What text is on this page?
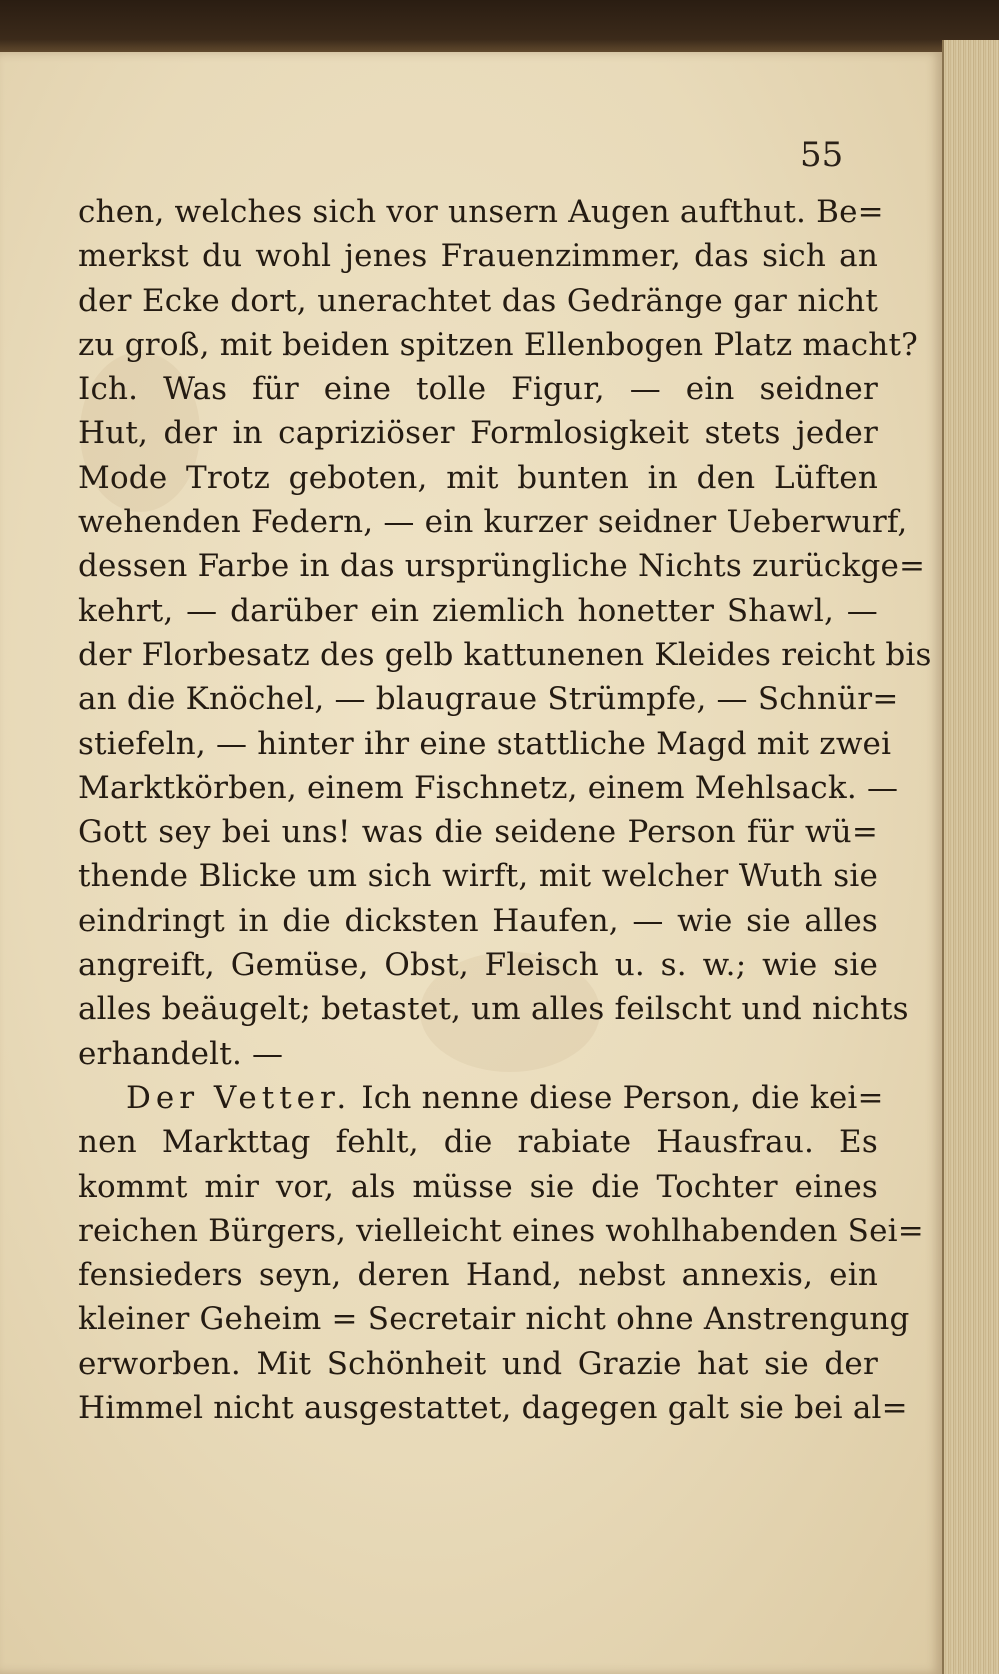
55
chen, welches sich vor unsern Augen aufthut. Be=
merkst du wohl jenes Frauenzimmer, das sich an
der Ecke dort, unerachtet das Gedränge gar nicht
zu groß, mit beiden spitzen Ellenbogen Platz macht?
Ich. Was für eine tolle Figur, — ein seidner
Hut, der in capriziöser Formlosigkeit stets jeder
Mode Trotz geboten, mit bunten in den Lüften
wehenden Federn, — ein kurzer seidner Ueberwurf,
dessen Farbe in das ursprüngliche Nichts zurückge=
kehrt, — darüber ein ziemlich honetter Shawl, —
der Florbesatz des gelb kattunenen Kleides reicht bis
an die Knöchel, — blaugraue Strümpfe, — Schnür=
stiefeln, — hinter ihr eine stattliche Magd mit zwei
Marktkörben, einem Fischnetz, einem Mehlsack. —
Gott sey bei uns! was die seidene Person für wü=
thende Blicke um sich wirft, mit welcher Wuth sie
eindringt in die dicksten Haufen, — wie sie alles
angreift, Gemüse, Obst, Fleisch u. s. w.; wie sie
alles beäugelt; betastet, um alles feilscht und nichts
erhandelt. —
Der Vetter. Ich nenne diese Person, die kei=
nen Markttag fehlt, die rabiate Hausfrau. Es
kommt mir vor, als müsse sie die Tochter eines
reichen Bürgers, vielleicht eines wohlhabenden Sei=
fensieders seyn, deren Hand, nebst annexis, ein
kleiner Geheim = Secretair nicht ohne Anstrengung
erworben. Mit Schönheit und Grazie hat sie der
Himmel nicht ausgestattet, dagegen galt sie bei al=
